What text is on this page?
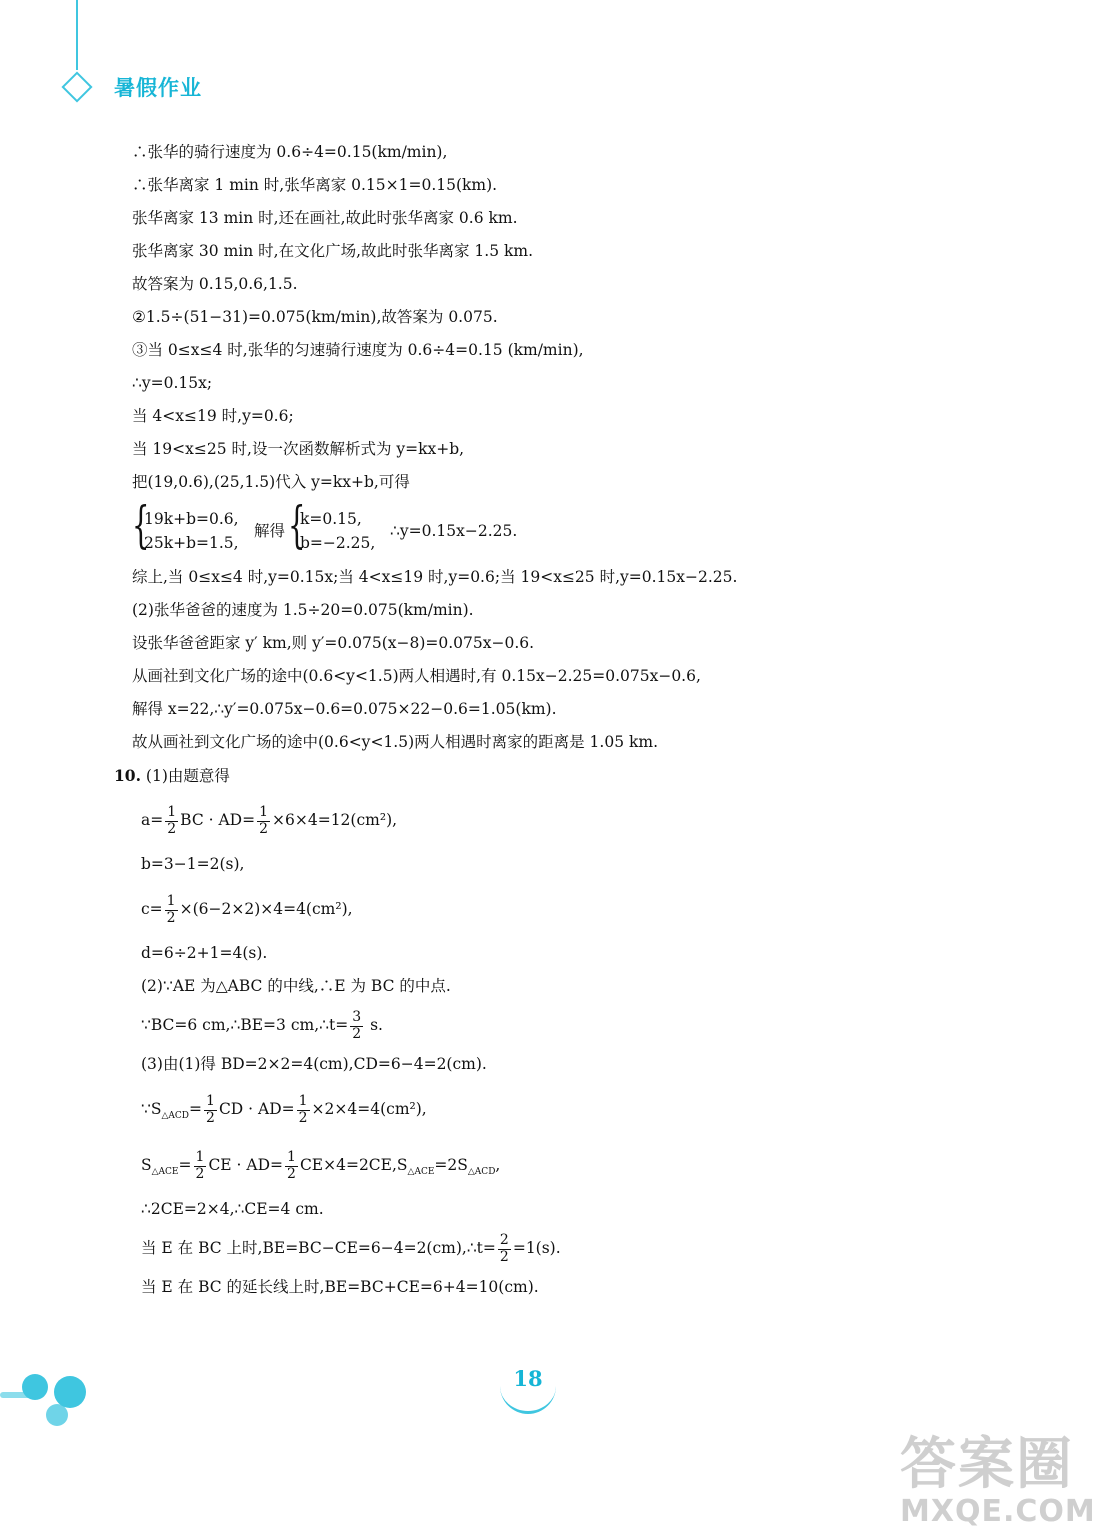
暑假作业
∴张华的骑行速度为 0.6÷4=0.15(km/min),
∴张华离家 1 min 时,张华离家 0.15×1=0.15(km).
张华离家 13 min 时,还在画社,故此时张华离家 0.6 km.
张华离家 30 min 时,在文化广场,故此时张华离家 1.5 km.
故答案为 0.15,0.6,1.5.
②1.5÷(51−31)=0.075(km/min),故答案为 0.075.
③当 0≤x≤4 时,张华的匀速骑行速度为 0.6÷4=0.15 (km/min),
∴y=0.15x;
当 4<x≤19 时,y=0.6;
当 19<x≤25 时,设一次函数解析式为 y=kx+b,
把(19,0.6),(25,1.5)代入 y=kx+b,可得
{
19k+b=0.6,
25k+b=1.5,
解得 {
k=0.15,
b=−2.25,
∴y=0.15x−2.25.
综上,当 0≤x≤4 时,y=0.15x;当 4<x≤19 时,y=0.6;当 19<x≤25 时,y=0.15x−2.25.
(2)张华爸爸的速度为 1.5÷20=0.075(km/min).
设张华爸爸距家 y′ km,则 y′=0.075(x−8)=0.075x−0.6.
从画社到文化广场的途中(0.6<y<1.5)两人相遇时,有 0.15x−2.25=0.075x−0.6,
解得 x=22,∴y′=0.075x−0.6=0.075×22−0.6=1.05(km).
故从画社到文化广场的途中(0.6<y<1.5)两人相遇时离家的距离是 1.05 km.
10. (1)由题意得
$a= \frac{1}{2}$ BC · $AD= \frac{1}{2} \times 6\times 4=12(cm^2)$,
b=3−1=2(s),
$c= \frac{1}{2} \times(6-2\times 2)\times 4=4(cm^2)$,
d=6÷2+1=4(s).
(2)∵AE 为△ABC 的中线,∴E 为 BC 的中点.
∵BC=6 cm,∴BE=3 cm,∴t= $\frac{3}{2} s$.
(3)由(1)得 BD=2×2=4(cm),CD=6−4=2(cm).
$\because S_{\triangle ACD}= \frac{1}{2}$ CD · $AD= \frac{1}{2} \times 2\times 4=4(cm^2)$,
$S_{\triangle ACE}= \frac{1}{2}$ CE · $AD= \frac{1}{2} CE\times 4=2CE,S_{\triangle ACE}=2S_{\triangle ACD}$,
∴2CE=2×4,∴CE=4 cm.
当 E 在 BC 上时,BE=BC−CE=6−4=2(cm),∴t= $\frac{2}{2} =1(s)$.
当 E 在 BC 的延长线上时,BE=BC+CE=6+4=10(cm).
18
答案圈
MXQE.COM
